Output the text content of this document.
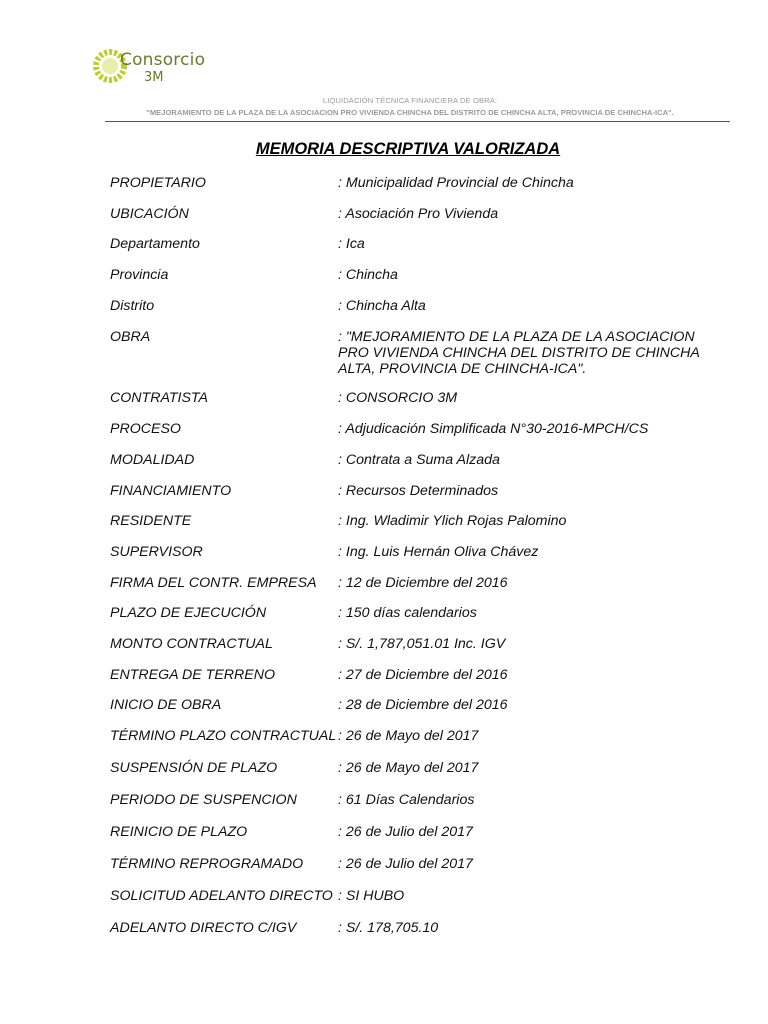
Consorcio
3M
LIQUIDACIÓN TÉCNICA FINANCIERA DE OBRA:
"MEJORAMIENTO DE LA PLAZA DE LA ASOCIACION PRO VIVIENDA CHINCHA DEL DISTRITO DE CHINCHA ALTA, PROVINCIA DE CHINCHA-ICA".
MEMORIA DESCRIPTIVA VALORIZADA
PROPIETARIO	: Municipalidad Provincial de Chincha
UBICACIÓN	: Asociación Pro Vivienda
Departamento	: Ica
Provincia	: Chincha
Distrito	: Chincha Alta
OBRA	: "MEJORAMIENTO DE LA PLAZA DE LA ASOCIACION PRO VIVIENDA CHINCHA DEL DISTRITO DE CHINCHA ALTA, PROVINCIA DE CHINCHA-ICA".
CONTRATISTA	: CONSORCIO 3M
PROCESO	: Adjudicación Simplificada N°30-2016-MPCH/CS
MODALIDAD	: Contrata a Suma Alzada
FINANCIAMIENTO	: Recursos Determinados
RESIDENTE	: Ing. Wladimir Ylich Rojas Palomino
SUPERVISOR	: Ing. Luis Hernán Oliva Chávez
FIRMA DEL CONTR. EMPRESA : 12 de Diciembre del 2016
PLAZO DE EJECUCIÓN	: 150 días calendarios
MONTO CONTRACTUAL	: S/. 1,787,051.01 Inc. IGV
ENTREGA DE TERRENO	: 27 de Diciembre del 2016
INICIO DE OBRA	: 28 de Diciembre del 2016
TÉRMINO PLAZO CONTRACTUAL : 26 de Mayo del 2017
SUSPENSIÓN DE PLAZO	: 26 de Mayo del 2017
PERIODO DE SUSPENCION	: 61 Días Calendarios
REINICIO DE PLAZO	: 26 de Julio del 2017
TÉRMINO REPROGRAMADO : 26 de Julio del 2017
SOLICITUD ADELANTO DIRECTO : SI HUBO
ADELANTO DIRECTO C/IGV	: S/. 178,705.10
